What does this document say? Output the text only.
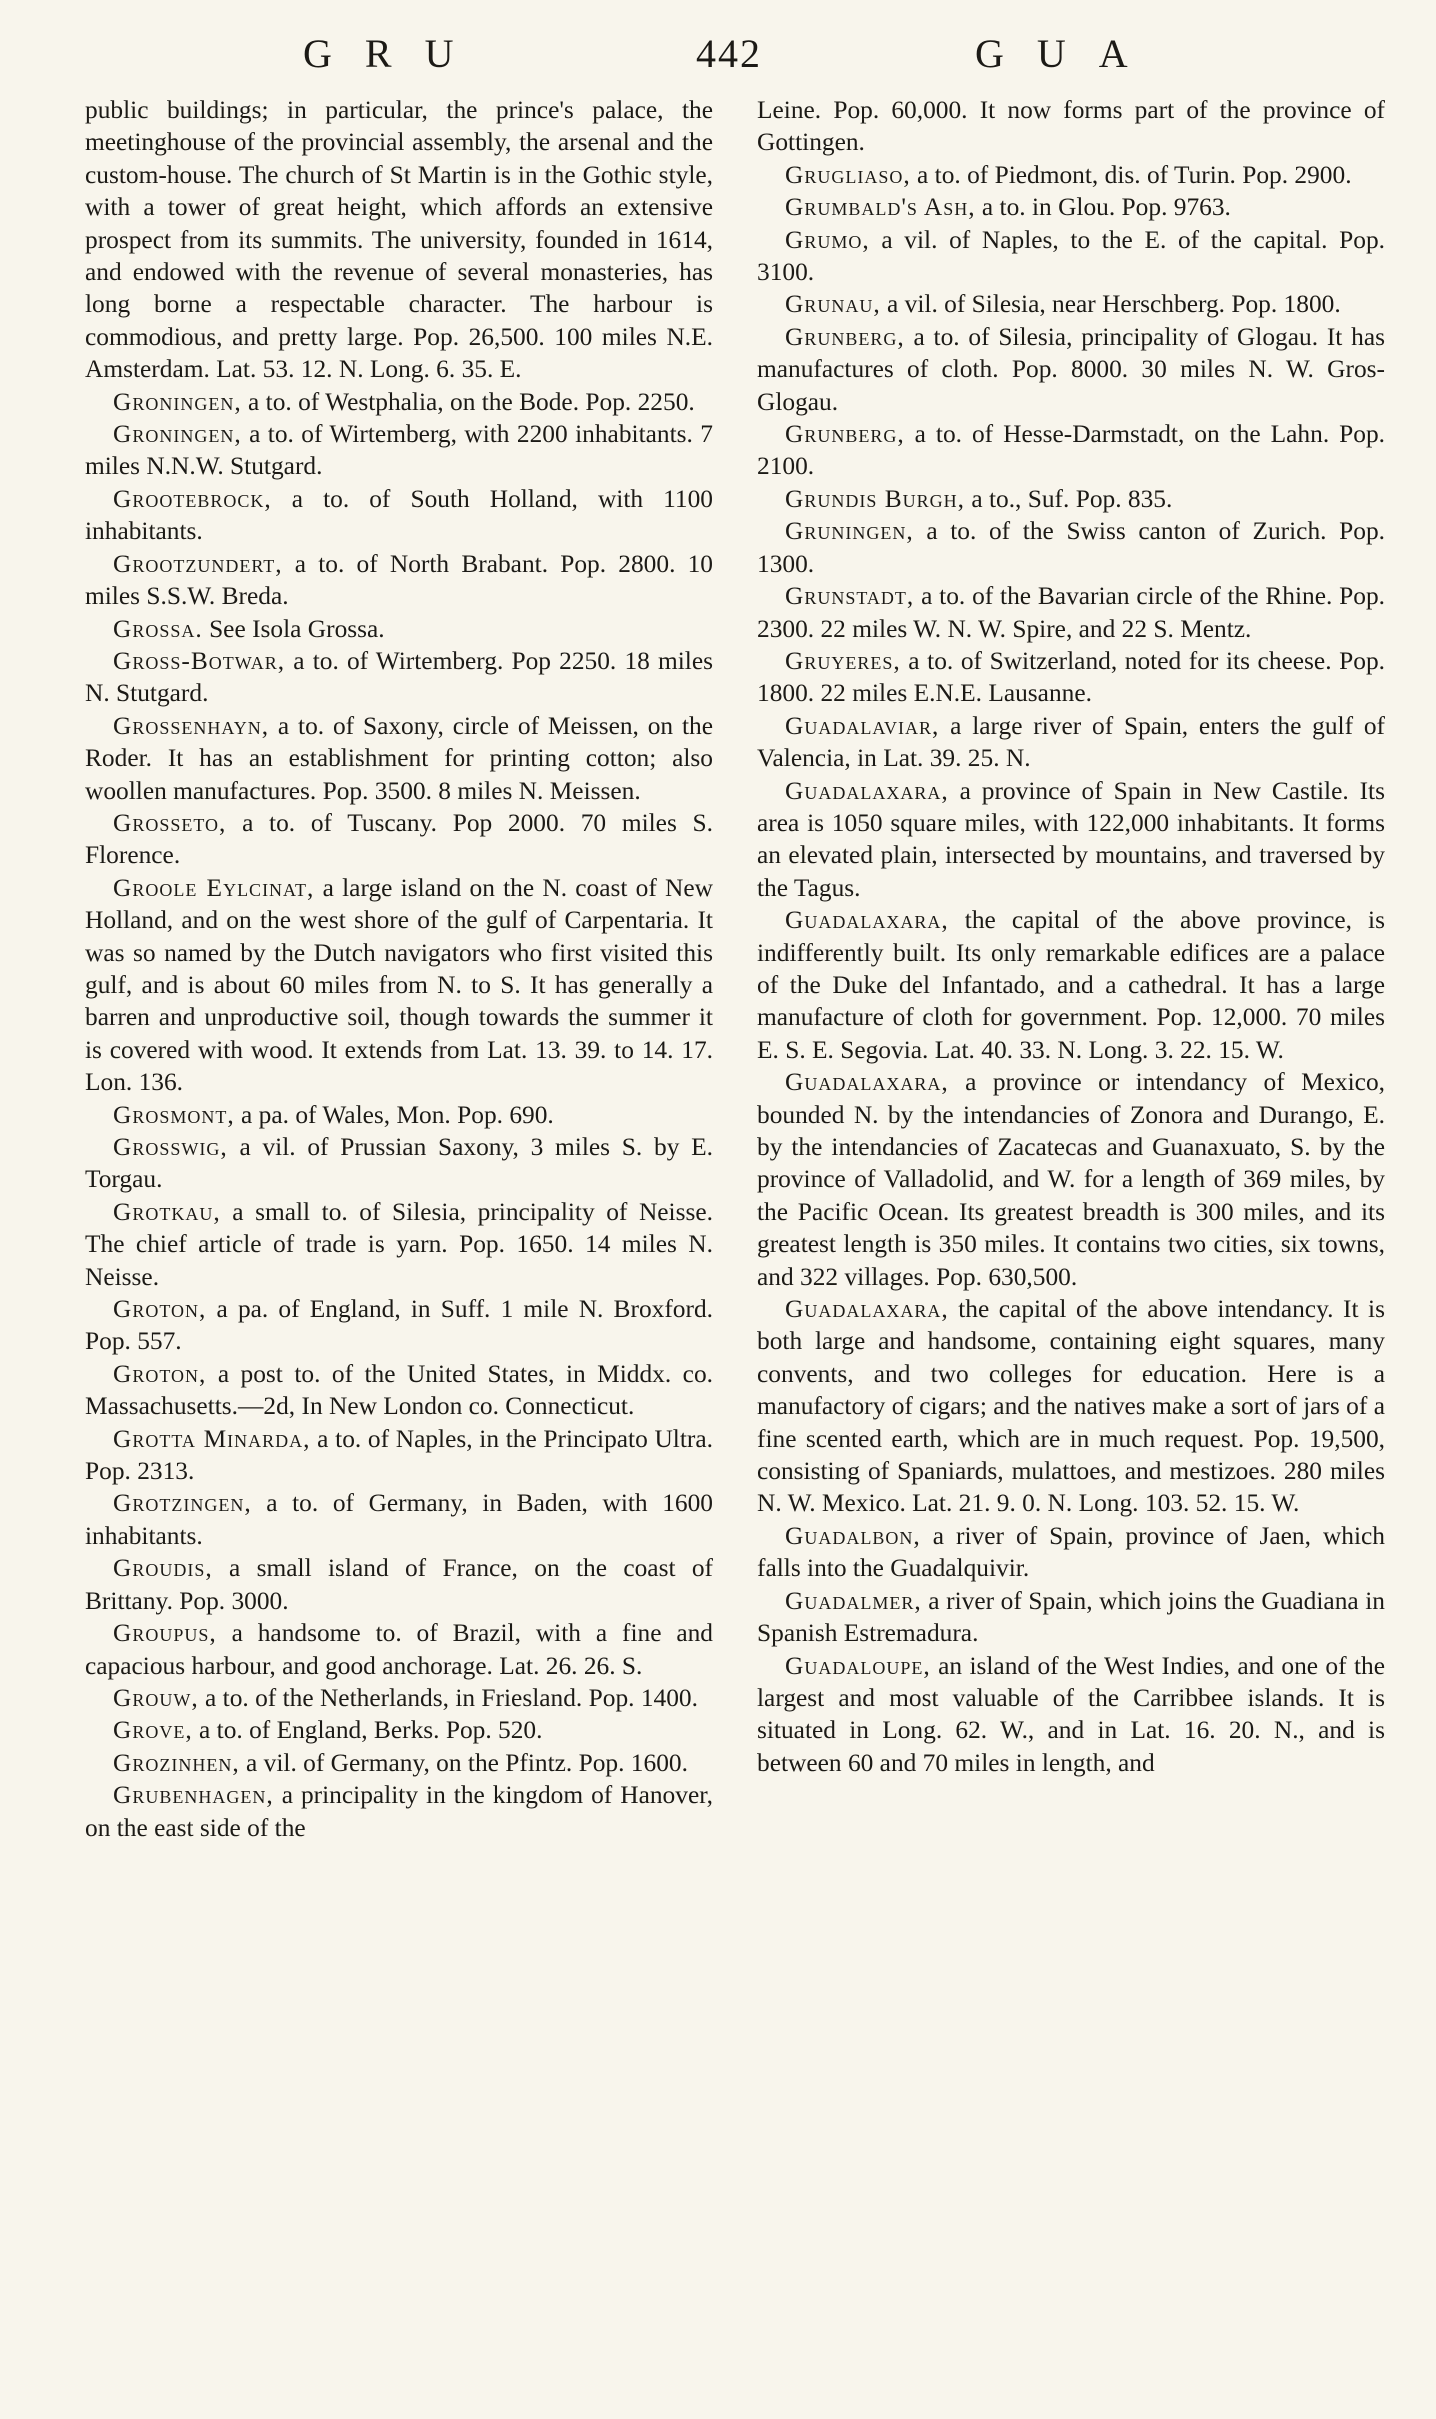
GRU	442	GUA

public buildings; in particular, the prince's palace, the meetinghouse of the provincial assembly, the arsenal and the custom-house. The church of St Martin is in the Gothic style, with a tower of great height, which affords an extensive prospect from its summits. The university, founded in 1614, and endowed with the revenue of several monasteries, has long borne a respectable character. The harbour is commodious, and pretty large. Pop. 26,500. 100 miles N.E. Amsterdam. Lat. 53. 12. N. Long. 6. 35. E.

Groningen, a to. of Westphalia, on the Bode. Pop. 2250.

Groningen, a to. of Wirtemberg, with 2200 inhabitants. 7 miles N.N.W. Stutgard.

Grootebrock, a to. of South Holland, with 1100 inhabitants.

Grootzundert, a to. of North Brabant. Pop. 2800. 10 miles S.S.W. Breda.

Grossa. See Isola Grossa.

Gross-Botwar, a to. of Wirtemberg. Pop 2250. 18 miles N. Stutgard.

Grossenhayn, a to. of Saxony, circle of Meissen, on the Roder. It has an establishment for printing cotton; also woollen manufactures. Pop. 3500. 8 miles N. Meissen.

Grosseto, a to. of Tuscany. Pop 2000. 70 miles S. Florence.

Groole Eylcinat, a large island on the N. coast of New Holland, and on the west shore of the gulf of Carpentaria. It was so named by the Dutch navigators who first visited this gulf, and is about 60 miles from N. to S. It has generally a barren and unproductive soil, though towards the summer it is covered with wood. It extends from Lat. 13. 39. to 14. 17. Lon. 136.

Grosmont, a pa. of Wales, Mon. Pop. 690.

Grosswig, a vil. of Prussian Saxony, 3 miles S. by E. Torgau.

Grotkau, a small to. of Silesia, principality of Neisse. The chief article of trade is yarn. Pop. 1650. 14 miles N. Neisse.

Groton, a pa. of England, in Suff. 1 mile N. Broxford. Pop. 557.

Groton, a post to. of the United States, in Middx. co. Massachusetts.—2d, In New London co. Connecticut.

Grotta Minarda, a to. of Naples, in the Principato Ultra. Pop. 2313.

Grotzingen, a to. of Germany, in Baden, with 1600 inhabitants.

Groudis, a small island of France, on the coast of Brittany. Pop. 3000.

Groupus, a handsome to. of Brazil, with a fine and capacious harbour, and good anchorage. Lat. 26. 26. S.

Grouw, a to. of the Netherlands, in Friesland. Pop. 1400.

Grove, a to. of England, Berks. Pop. 520.

Grozinhen, a vil. of Germany, on the Pfintz. Pop. 1600.

Grubenhagen, a principality in the kingdom of Hanover, on the east side of the

Leine. Pop. 60,000. It now forms part of the province of Gottingen.

Grugliaso, a to. of Piedmont, dis. of Turin. Pop. 2900.

Grumbald's Ash, a to. in Glou. Pop. 9763.

Grumo, a vil. of Naples, to the E. of the capital. Pop. 3100.

Grunau, a vil. of Silesia, near Herschberg. Pop. 1800.

Grunberg, a to. of Silesia, principality of Glogau. It has manufactures of cloth. Pop. 8000. 30 miles N. W. Gros-Glogau.

Grunberg, a to. of Hesse-Darmstadt, on the Lahn. Pop. 2100.

Grundis Burgh, a to., Suf. Pop. 835.

Gruningen, a to. of the Swiss canton of Zurich. Pop. 1300.

Grunstadt, a to. of the Bavarian circle of the Rhine. Pop. 2300. 22 miles W. N. W. Spire, and 22 S. Mentz.

Gruyeres, a to. of Switzerland, noted for its cheese. Pop. 1800. 22 miles E.N.E. Lausanne.

Guadalaviar, a large river of Spain, enters the gulf of Valencia, in Lat. 39. 25. N.

Guadalaxara, a province of Spain in New Castile. Its area is 1050 square miles, with 122,000 inhabitants. It forms an elevated plain, intersected by mountains, and traversed by the Tagus.

Guadalaxara, the capital of the above province, is indifferently built. Its only remarkable edifices are a palace of the Duke del Infantado, and a cathedral. It has a large manufacture of cloth for government. Pop. 12,000. 70 miles E. S. E. Segovia. Lat. 40. 33. N. Long. 3. 22. 15. W.

Guadalaxara, a province or intendancy of Mexico, bounded N. by the intendancies of Zonora and Durango, E. by the intendancies of Zacatecas and Guanaxuato, S. by the province of Valladolid, and W. for a length of 369 miles, by the Pacific Ocean. Its greatest breadth is 300 miles, and its greatest length is 350 miles. It contains two cities, six towns, and 322 villages. Pop. 630,500.

Guadalaxara, the capital of the above intendancy. It is both large and handsome, containing eight squares, many convents, and two colleges for education. Here is a manufactory of cigars; and the natives make a sort of jars of a fine scented earth, which are in much request. Pop. 19,500, consisting of Spaniards, mulattoes, and mestizoes. 280 miles N. W. Mexico. Lat. 21. 9. 0. N. Long. 103. 52. 15. W.

Guadalbon, a river of Spain, province of Jaen, which falls into the Guadalquivir.

Guadalmer, a river of Spain, which joins the Guadiana in Spanish Estremadura.

Guadaloupe, an island of the West Indies, and one of the largest and most valuable of the Carribbee islands. It is situated in Long. 62. W., and in Lat. 16. 20. N., and is between 60 and 70 miles in length, and
